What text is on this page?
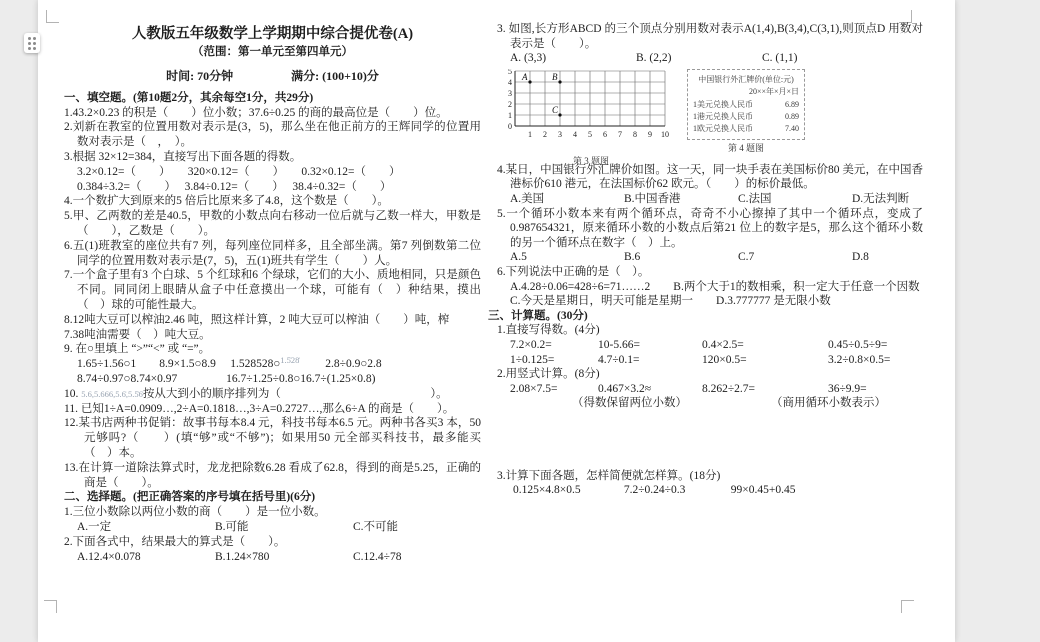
人教版五年级数学上学期期中综合提优卷(A)
（范围：第一单元至第四单元）
时间: 70分钟	满分: (100+10)分
一、填空题。(第10题2分，其余每空1分，共29分)
1.43.2×0.23 的积是（　　）位小数；37.6÷0.25 的商的最高位是（　　）位。
2.刘新在教室的位置用数对表示是(3，5)，那么坐在他正前方的王辉同学的位置用数对表示是（　，　）。
3.根据 32×12=384，直接写出下面各题的得数。
3.2×0.12=（　　）　　320×0.12=（　　）　　0.32×0.12=（　　）
0.384÷3.2=（　　）　 3.84÷0.12=（　　）　 38.4÷0.32=（　　）
4.一个数扩大到原来的5 倍后比原来多了4.8，这个数是（　　）。
5.甲、乙两数的差是40.5，甲数的小数点向右移动一位后就与乙数一样大，甲数是（　　），乙数是（　　）。
6.五(1)班教室的座位共有7 列，每列座位同样多，且全部坐满。第7 列倒数第二位同学的位置用数对表示是(7，5)，五(1)班共有学生（　　）人。
7.一个盒子里有3 个白球、5 个红球和6 个绿球，它们的大小、质地相同，只是颜色不同。同同闭上眼睛从盒子中任意摸出一个球，可能有（　）种结果，摸出（　）球的可能性最大。
8.12吨大豆可以榨油2.46 吨，照这样计算，2 吨大豆可以榨油（　　）吨，榨
7.38吨油需要（　）吨大豆。
9. 在○里填上 “>”“<” 或 “=”。
1.65÷1.56○1　　8.9×1.5○8.9　 1.528528○$^{1.5̇28̇}$　　 2.8÷0.9○2.8
8.74÷0.97○8.74×0.97　　　　 16.7÷1.25÷0.8○16.7÷(1.25×0.8)
10. 5.6,5.666,5.6̇,5.5̇6̇按从大到小的顺序排列为（　　　　　　　　　　　　　）。
11. 已知1÷A=0.0909…,2÷A=0.1818…,3÷A=0.2727…,那么6÷A 的商是（　　）。
12.某书店两种书促销：故事书每本8.4 元，科技书每本6.5 元。两种书各买3 本，50 元够吗?（　　）(填“够”或“不够”)；如果用50 元全部买科技书，最多能买（　）本。
13.在计算一道除法算式时，龙龙把除数6.28 看成了62.8，得到的商是5.25，正确的商是（　　）。
二、选择题。(把正确答案的序号填在括号里)(6分)
1.三位小数除以两位小数的商（　　）是一位小数。
A.一定	B.可能	C.不可能
2.下面各式中，结果最大的算式是（　　）。
A.12.4×0.078	B.1.24×780	C.12.4÷78
3. 如图,长方形ABCD 的三个顶点分别用数对表示A(1,4),B(3,4),C(3,1),则顶点D 用数对表示是（　　）。
A. (3,3)	B. (2,2)	C. (1,1)
5
4
3
2
1
0
1 2 3 4 5 6 7 8 9 10
A	B
C
第 3 题图
中国银行外汇牌价(单位:元)
20××年×月×日
1美元兑换人民币	6.89
1港元兑换人民币	0.89
1欧元兑换人民币	7.40
第 4 题图
4.某日，中国银行外汇牌价如图。这一天，同一块手表在美国标价80 美元，在中国香港标价610 港元，在法国标价62 欧元。（　　）的标价最低。
A.美国	B.中国香港	C.法国	D.无法判断
5.一个循环小数本来有两个循环点，奇奇不小心擦掉了其中一个循环点，变成了 0.987654321，原来循环小数的小数点后第21 位上的数字是5，那么这个循环小数的另一个循环点在数字（　）上。
A.5	B.6	C.7	D.8
6.下列说法中正确的是（　）。
A.4.28÷0.06=428÷6=71……2　　B.两个大于1的数相乘，积一定大于任意一个因数
C.今天是星期日，明天可能是星期一　　D.3.777777 是无限小数
三、计算题。(30分)
1.直接写得数。(4分)
7.2×0.2=	10-5.66=	0.4×2.5=	0.45÷0.5÷9=
1÷0.125=	4.7÷0.1=	120×0.5=	3.2÷0.8×0.5=
2.用竖式计算。(8分)
2.08×7.5=	0.467×3.2≈	8.262÷2.7=	36÷9.9=
（得数保留两位小数）	（商用循环小数表示）
3.计算下面各题，怎样简便就怎样算。(18分)
0.125×4.8×0.5	7.2÷0.24÷0.3	99×0.45+0.45
